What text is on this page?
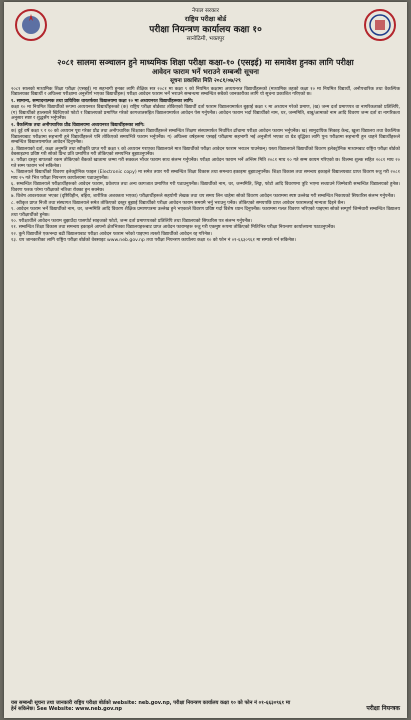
नेपाल सरकार
राष्ट्रिय परीक्षा बोर्ड
परीक्षा नियन्त्रण कार्यालय कक्षा १०
सानोठिमी, भक्तपुर
२०८१ सालमा सञ्चालन हुने माध्यमिक शिक्षा परीक्षा कक्षा-१० (एसइई) मा समावेश हुनका लागि परीक्षा
आवेदन फाराम भर्ने भराउने सम्बन्धी सूचना
सूचना प्रकाशित मिति २०८१/०७/२९

२०८१ सालको माध्यमिक शिक्षा परीक्षा (एसइई) मा सहभागी हुनका लागि शैक्षिक सत्र २०८१ मा कक्षा ९ को नियमित कक्षामा अध्ययनरत विद्यार्थीहरूको (माध्यमिक तहको कक्षा १० मा नियमित विद्यार्थी, अनौपचारिक तथा वैकल्पिक विद्यालयका विद्यार्थी र अघिल्ला परीक्षामा अनुत्तीर्ण भएका विद्यार्थीहरू) परीक्षा आवेदन फाराम भर्ने भराउने सम्बन्धमा सम्बन्धित सबैको जानकारीका लागि यो सूचना प्रकाशित गरिएको छ।

१. सामान्य, सम्पादनात्मक तथा प्राविधिक धारतर्फका विद्यालयमा कक्षा १० मा अध्ययनरत विद्यार्थीहरूका लागि:

कक्षा १० मा नियमित विद्यार्थीको रूपमा अध्ययनरत विद्यार्थीहरूको (क) राष्ट्रिय परीक्षा बोर्डबाट तोकिएको विद्यार्थी दर्ता फाराम विद्यालयमार्फत बुझाई कक्षा ९ मा अध्ययन गरेको प्रमाण, (ख) जन्म दर्ता प्रमाणपत्र वा नागरिकताको प्रतिलिपि, (ग) विद्यार्थीको हालसालै खिचिएको फोटो र विद्यालयको प्रमाणित गरेको कागजातसहित विद्यालयमार्फत आवेदन पेस गर्नुपर्नेछ। आवेदन फाराम भर्दा विद्यार्थीको नाम, थर, जन्ममिति, बाबु/आमाको नाम आदि विवरण जन्म दर्ता वा नागरिकता अनुसार स्पष्ट र शुद्धसँग भर्नुपर्नेछ।

२. वैकल्पिक तथा अनौपचारिक प्रौढ विद्यालयमा अध्ययनरत विद्यार्थीहरूका लागि:

क) दुई वर्षे कक्षा ९ र १० को अध्ययन पूरा गरेका प्रौढ तथा अनौपचारिक शिक्षाका विद्यार्थीहरूले सम्बन्धित शिक्षण संस्थामार्फत निर्धारित ढाँचामा परीक्षा आवेदन फाराम भर्नुपर्नेछ। ख) सामुदायिक सिकाइ केन्द्र, खुला विद्यालय तथा वैकल्पिक विद्यालयबाट परीक्षामा सहभागी हुने विद्यार्थीहरूले पनि तोकिएको समयभित्रै फाराम भर्नुपर्नेछ। ग) अघिल्ला वर्षहरूमा एसइई परीक्षामा सहभागी भई अनुत्तीर्ण भएका वा ग्रेड वृद्धिका लागि पुनः परीक्षामा सहभागी हुन चाहने विद्यार्थीहरूले सम्बन्धित विद्यालयमार्फत आवेदन दिनुपर्नेछ।

३. विद्यालयको दर्ता, कक्षा अनुमति तथा स्वीकृति प्राप्त गरी कक्षा ९ को अध्ययन गराएका विद्यालयले मात्र विद्यार्थीको परीक्षा आवेदन फाराम भराउन पाउनेछन्। यस्ता विद्यालयले विद्यार्थीको विवरण इलेक्ट्रोनिक माध्यमबाट राष्ट्रिय परीक्षा बोर्डको वेबसाइटमा प्रविष्ट गरी सोको प्रिन्ट प्रति प्रमाणित गरी तोकिएको समयभित्र बुझाउनुपर्नेछ।

४. परीक्षा दस्तुर बापतको रकम तोकिएको बैंकको खातामा जम्मा गरी सक्कल भौचर फाराम साथ संलग्न गर्नुपर्नेछ। परीक्षा आवेदन फाराम भर्ने अन्तिम मिति २०८१ माघ १० गते सम्म कायम गरिएको छ। विलम्ब शुल्क सहित २०८१ माघ २० गते सम्म फाराम भर्न सकिनेछ।

५. विद्यालयले विद्यार्थीको विवरण इलेक्ट्रोनिक फाइल (Electronic copy) मा समेत तयार गरी सम्बन्धित शिक्षा विकास तथा समन्वय इकाइमा बुझाउनुपर्नेछ। शिक्षा विकास तथा समन्वय इकाइले विद्यालयबाट प्राप्त विवरण रुजु गरी २०८१ माघ २५ गते भित्र परीक्षा नियन्त्रण कार्यालयमा पठाउनुपर्नेछ।

६. सम्बन्धित विद्यालयले परीक्षार्थीहरूको आवेदन फाराम, प्रवेशपत्र तथा अन्य कागजात प्रमाणित गरी पठाउनुपर्नेछ। विद्यार्थीको नाम, थर, जन्ममिति, लिङ्ग, फोटो आदि विवरणमा त्रुटि भएमा सच्याउने जिम्मेवारी सम्बन्धित विद्यालयको हुनेछ। विवरण फरक परेमा परीक्षाको नतिजा रोक्का हुन सक्नेछ।

७. विशेष आवश्यकता भएका (दृष्टिविहीन, बहिरा, शारीरिक अशक्तता भएका) परीक्षार्थीहरूले सहयोगी लेखक तथा थप समय लिन चाहेमा सोको विवरण आवेदन फाराममा स्पष्ट उल्लेख गरी सम्बन्धित निकायको सिफारिस संलग्न गर्नुपर्नेछ।

८. स्वीकृत प्राप्त निजी तथा संस्थागत विद्यालयले समेत तोकिएको दस्तुर बुझाई विद्यार्थीको परीक्षा आवेदन फाराम समयमै भर्नु भराउनु पर्नेछ। तोकिएको समयपछि प्राप्त आवेदन फारामलाई मान्यता दिइने छैन।

९. आवेदन फाराम भर्ने विद्यार्थीको नाम, थर, जन्ममिति आदि विवरण शैक्षिक प्रमाणपत्रमा उल्लेख हुने भएकाले विवरण प्रविष्ट गर्दा विशेष ध्यान दिनुपर्नेछ। फाराममा गलत विवरण भरिएको पाइएमा सोको सम्पूर्ण जिम्मेवारी सम्बन्धित विद्यालय तथा परीक्षार्थीको हुनेछ।

१०. परीक्षार्थीले आवेदन फाराम बुझाउँदा पासपोर्ट साइजको फोटो, जन्म दर्ता प्रमाणपत्रको प्रतिलिपि तथा विद्यालयको सिफारिस पत्र संलग्न गर्नुपर्नेछ।

११. सम्बन्धित शिक्षा विकास तथा समन्वय इकाइले आफ्नो क्षेत्रभित्रका विद्यालयहरूबाट प्राप्त आवेदन फारामहरू रुजु गरी एकमुष्ट रूपमा तोकिएको मितिभित्र परीक्षा नियन्त्रण कार्यालयमा पठाउनुपर्नेछ।

१२. कुनै विद्यार्थीले एकभन्दा बढी विद्यालयबाट परीक्षा आवेदन फाराम भरेको पाइएमा त्यस्तो विद्यार्थीको आवेदन रद्द गरिनेछ।

१३. थप जानकारीका लागि राष्ट्रिय परीक्षा बोर्डको वेबसाइट www.neb.gov.np तथा परीक्षा नियन्त्रण कार्यालय कक्षा १० को फोन नं ०१-६६३०९६१ मा सम्पर्क गर्न सकिनेछ।

यस सम्बन्धी सूचना तथा जानकारी राष्ट्रिय परीक्षा बोर्डको website: neb.gov.np, परीक्षा नियन्त्रण कार्यालय कक्षा १० को फोन नं ०१-६६३०९६१ मा
हेर्न सकिनेछ। See Website: www.neb.gov.np	परीक्षा नियन्त्रक
